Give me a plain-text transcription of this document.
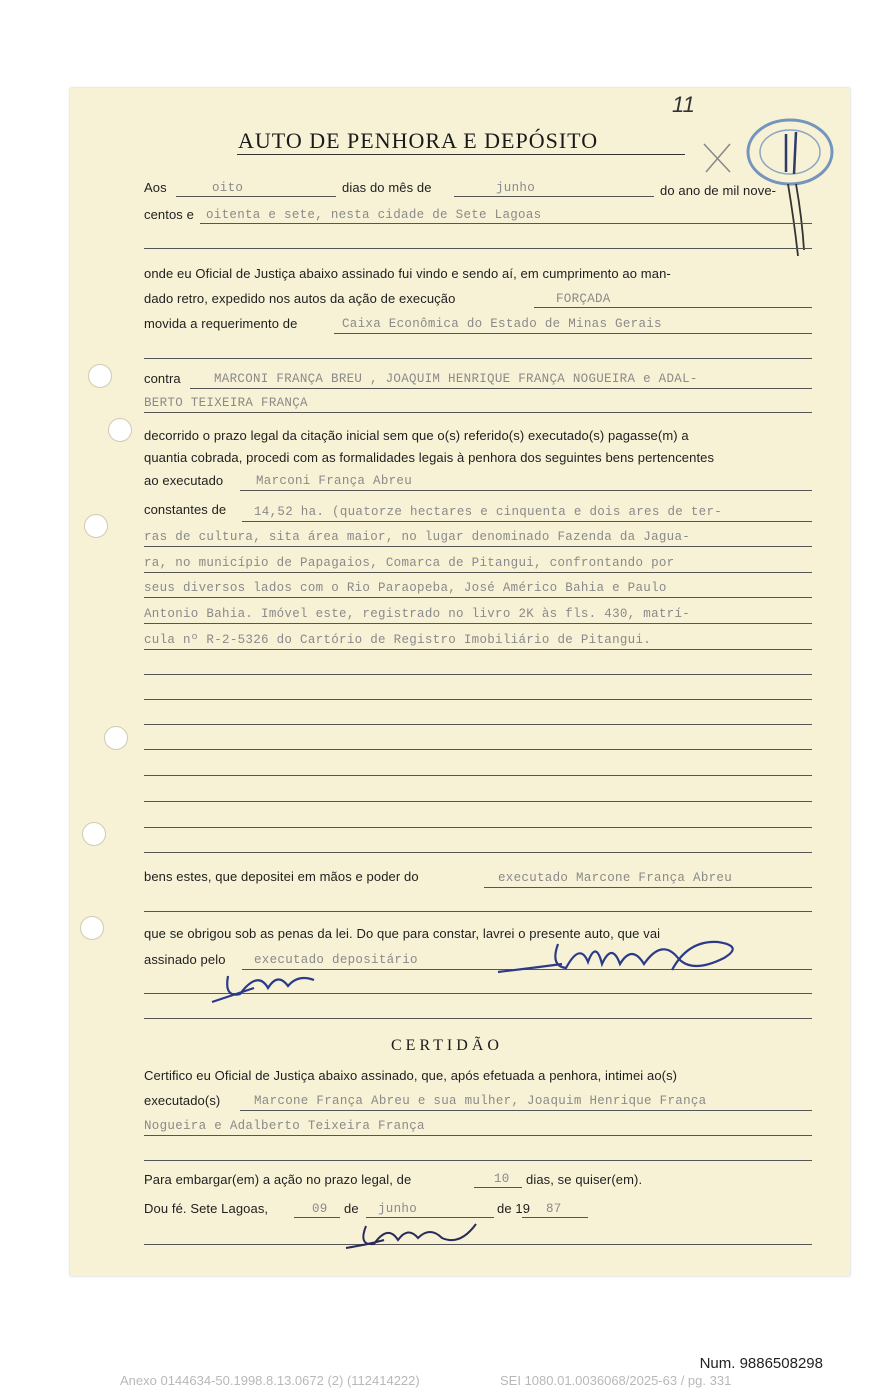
11
AUTO DE PENHORA E DEPÓSITO
Aos	oito	dias do mês de	junho	do ano de mil nove-
centos e oitenta e sete, nesta cidade de Sete Lagoas
onde eu Oficial de Justiça abaixo assinado fui vindo e sendo aí, em cumprimento ao man-
dado retro, expedido nos autos da ação de execução	FORÇADA
movida a requerimento de	Caixa Econômica do Estado de Minas Gerais
contra	MARCONI FRANÇA BREU , JOAQUIM HENRIQUE FRANÇA NOGUEIRA e ADAL-
BERTO TEIXEIRA FRANÇA
decorrido o prazo legal da citação inicial sem que o(s) referido(s) executado(s) pagasse(m) a
quantia cobrada, procedi com as formalidades legais à penhora dos seguintes bens pertencentes
ao executado	Marconi França Abreu
constantes de 14,52 ha. (quatorze hectares e cinquenta e dois ares de ter-
ras de cultura, sita área maior, no lugar denominado Fazenda da Jagua-
ra, no município de Papagaios, Comarca de Pitangui, confrontando por
seus diversos lados com o Rio Paraopeba, José Américo Bahia e Paulo
Antonio Bahia. Imóvel este, registrado no livro 2K às fls. 430, matrí-
cula nº R-2-5326 do Cartório de Registro Imobiliário de Pitangui.
bens estes, que depositei em mãos e poder do	executado Marcone França Abreu
que se obrigou sob as penas da lei. Do que para constar, lavrei o presente auto, que vai
assinado pelo executado depositário
CERTIDÃO
Certifico eu Oficial de Justiça abaixo assinado, que, após efetuada a penhora, intimei ao(s)
executado(s)	Marcone França Abreu e sua mulher, Joaquim Henrique França
Nogueira e Adalberto Teixeira França
Para embargar(em) a ação no prazo legal, de	10 dias, se quiser(em).
Dou fé. Sete Lagoas,	09 de junho	de 19 87
Num. 9886508298
Anexo 0144634-50.1998.8.13.0672 (2) (112414222)	SEI 1080.01.0036068/2025-63 / pg. 331
